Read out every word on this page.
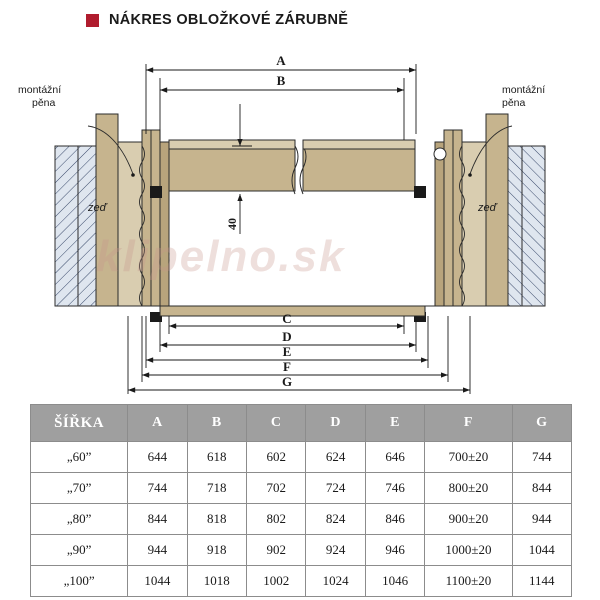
NÁKRES OBLOŽKOVÉ ZÁRUBNĚ
A
B
40
C
D
E
F
G
montážní
pěna
montážní
pěna
zeď	zeď
klipelno.sk
ŠÍŘKA	A	B	C	D	E	F	G
„60”	644	618	602	624	646	700±20	744
„70”	744	718	702	724	746	800±20	844
„80”	844	818	802	824	846	900±20	944
„90”	944	918	902	924	946	1000±20	1044
„100”	1044	1018	1002	1024	1046	1100±20	1144
